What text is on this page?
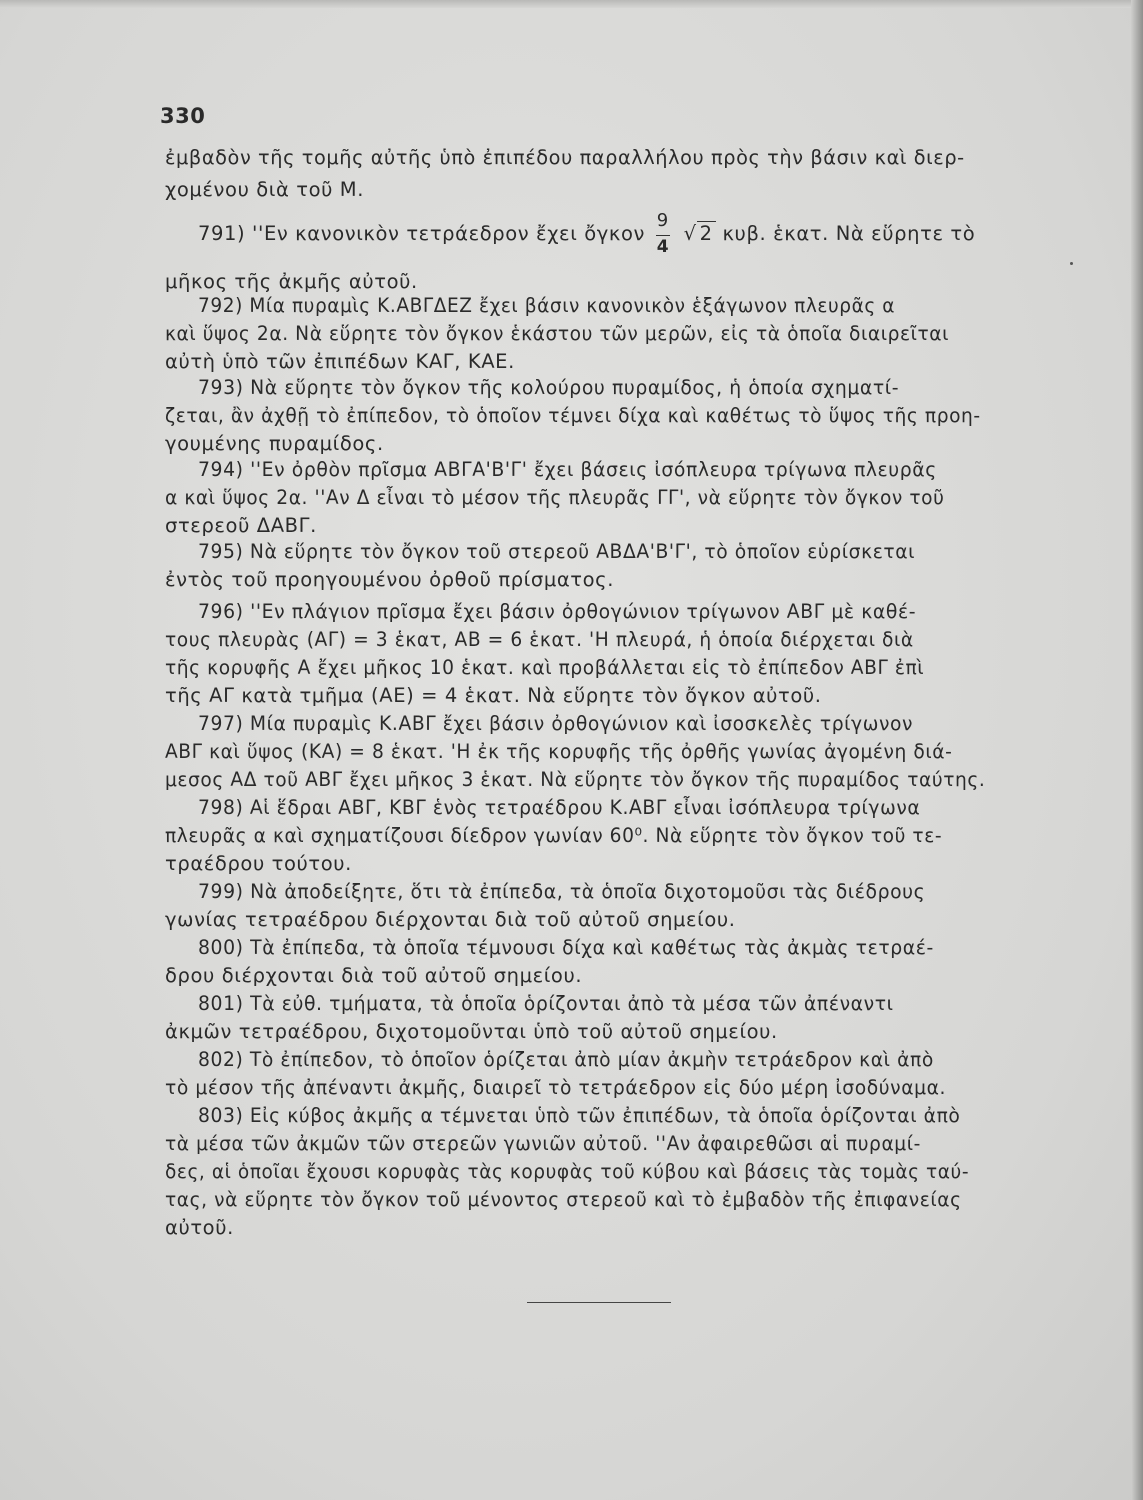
330
ἐμβαδὸν τῆς τομῆς αὐτῆς ὑπὸ ἐπιπέδου παραλλήλου πρὸς τὴν βάσιν καὶ διερ-
χομένου διὰ τοῦ Μ.
791) ''Εν κανονικὸν τετράεδρον ἔχει ὄγκον $\frac{9}{4}$ √ 2 κυβ. ἑκατ. Νὰ εὕρητε τὸ
μῆκος τῆς ἀκμῆς αὐτοῦ.
792) Μία πυραμὶς Κ.ΑΒΓΔΕΖ ἔχει βάσιν κανονικὸν ἑξάγωνον πλευρᾶς α
καὶ ὕψος 2α. Νὰ εὕρητε τὸν ὄγκον ἑκάστου τῶν μερῶν, εἰς τὰ ὁποῖα διαιρεῖται
αὐτὴ ὑπὸ τῶν ἐπιπέδων ΚΑΓ, ΚΑΕ.
793) Νὰ εὕρητε τὸν ὄγκον τῆς κολούρου πυραμίδος, ἡ ὁποία σχηματί-
ζεται, ἂν ἀχθῇ τὸ ἐπίπεδον, τὸ ὁποῖον τέμνει δίχα καὶ καθέτως τὸ ὕψος τῆς προη-
γουμένης πυραμίδος.
794) ''Εν ὀρθὸν πρῖσμα ΑΒΓΑ'Β'Γ' ἔχει βάσεις ἰσόπλευρα τρίγωνα πλευρᾶς
α καὶ ὕψος 2α. ''Αν Δ εἶναι τὸ μέσον τῆς πλευρᾶς ΓΓ', νὰ εὕρητε τὸν ὄγκον τοῦ
στερεοῦ ΔΑΒΓ.
795) Νὰ εὕρητε τὸν ὄγκον τοῦ στερεοῦ ΑΒΔΑ'Β'Γ', τὸ ὁποῖον εὑρίσκεται
ἐντὸς τοῦ προηγουμένου ὀρθοῦ πρίσματος.
796) ''Εν πλάγιον πρῖσμα ἔχει βάσιν ὀρθογώνιον τρίγωνον ΑΒΓ μὲ καθέ-
τους πλευρὰς (ΑΓ) = 3 ἑκατ, ΑΒ = 6 ἑκατ. 'Η πλευρά, ἡ ὁποία διέρχεται διὰ
τῆς κορυφῆς Α ἔχει μῆκος 10 ἑκατ. καὶ προβάλλεται εἰς τὸ ἐπίπεδον ΑΒΓ ἐπὶ
τῆς ΑΓ κατὰ τμῆμα (ΑΕ) = 4 ἑκατ. Νὰ εὕρητε τὸν ὄγκον αὐτοῦ.
797) Μία πυραμὶς Κ.ΑΒΓ ἔχει βάσιν ὀρθογώνιον καὶ ἰσοσκελὲς τρίγωνον
ΑΒΓ καὶ ὕψος (ΚΑ) = 8 ἑκατ. 'Η ἐκ τῆς κορυφῆς τῆς ὀρθῆς γωνίας ἀγομένη διά-
μεσος ΑΔ τοῦ ΑΒΓ ἔχει μῆκος 3 ἑκατ. Νὰ εὕρητε τὸν ὄγκον τῆς πυραμίδος ταύτης.
798) Αἱ ἕδραι ΑΒΓ, ΚΒΓ ἑνὸς τετραέδρου Κ.ΑΒΓ εἶναι ἰσόπλευρα τρίγωνα
πλευρᾶς α καὶ σχηματίζουσι δίεδρον γωνίαν 60⁰. Νὰ εὕρητε τὸν ὄγκον τοῦ τε-
τραέδρου τούτου.
799) Νὰ ἀποδείξητε, ὅτι τὰ ἐπίπεδα, τὰ ὁποῖα διχοτομοῦσι τὰς διέδρους
γωνίας τετραέδρου διέρχονται διὰ τοῦ αὐτοῦ σημείου.
800) Τὰ ἐπίπεδα, τὰ ὁποῖα τέμνουσι δίχα καὶ καθέτως τὰς ἀκμὰς τετραέ-
δρου διέρχονται διὰ τοῦ αὐτοῦ σημείου.
801) Τὰ εὐθ. τμήματα, τὰ ὁποῖα ὁρίζονται ἀπὸ τὰ μέσα τῶν ἀπέναντι
ἀκμῶν τετραέδρου, διχοτομοῦνται ὑπὸ τοῦ αὐτοῦ σημείου.
802) Τὸ ἐπίπεδον, τὸ ὁποῖον ὁρίζεται ἀπὸ μίαν ἀκμὴν τετράεδρον καὶ ἀπὸ
τὸ μέσον τῆς ἀπέναντι ἀκμῆς, διαιρεῖ τὸ τετράεδρον εἰς δύο μέρη ἰσοδύναμα.
803) Εἰς κύβος ἀκμῆς α τέμνεται ὑπὸ τῶν ἐπιπέδων, τὰ ὁποῖα ὁρίζονται ἀπὸ
τὰ μέσα τῶν ἀκμῶν τῶν στερεῶν γωνιῶν αὐτοῦ. ''Αν ἀφαιρεθῶσι αἱ πυραμί-
δες, αἱ ὁποῖαι ἔχουσι κορυφὰς τὰς κορυφὰς τοῦ κύβου καὶ βάσεις τὰς τομὰς ταύ-
τας, νὰ εὕρητε τὸν ὄγκον τοῦ μένοντος στερεοῦ καὶ τὸ ἐμβαδὸν τῆς ἐπιφανείας
αὐτοῦ.
